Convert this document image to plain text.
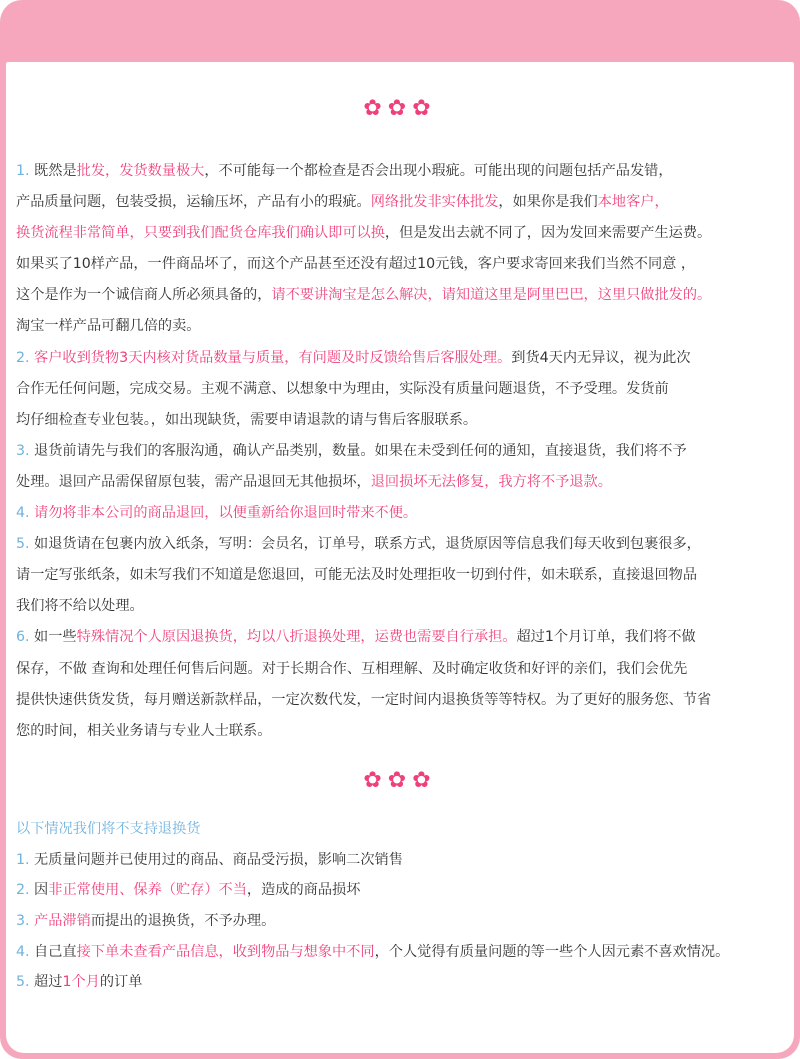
✿✿✿
1. 既然是批发，发货数量极大，不可能每一个都检查是否会出现小瑕疵。可能出现的问题包括产品发错，
产品质量问题，包装受损，运输压坏，产品有小的瑕疵。网络批发非实体批发，如果你是我们本地客户，
换货流程非常简单，只要到我们配货仓库我们确认即可以换，但是发出去就不同了，因为发回来需要产生运费。
如果买了10样产品，一件商品坏了，而这个产品甚至还没有超过10元钱，客户要求寄回来我们当然不同意 ，
这个是作为一个诚信商人所必须具备的，请不要讲淘宝是怎么解决，请知道这里是阿里巴巴，这里只做批发的。
淘宝一样产品可翻几倍的卖。
2. 客户收到货物3天内核对货品数量与质量，有问题及时反馈给售后客服处理。到货4天内无异议，视为此次
合作无任何问题，完成交易。主观不满意、以想象中为理由，实际没有质量问题退货，不予受理。发货前
均仔细检查专业包装。，如出现缺货，需要申请退款的请与售后客服联系。
3. 退货前请先与我们的客服沟通，确认产品类别，数量。如果在未受到任何的通知，直接退货，我们将不予
处理。退回产品需保留原包装，需产品退回无其他损坏，退回损坏无法修复，我方将不予退款。
4. 请勿将非本公司的商品退回，以便重新给你退回时带来不便。
5. 如退货请在包裹内放入纸条，写明：会员名，订单号，联系方式，退货原因等信息我们每天收到包裹很多，
请一定写张纸条，如未写我们不知道是您退回，可能无法及时处理拒收一切到付件，如未联系，直接退回物品
我们将不给以处理。
6. 如一些特殊情况个人原因退换货，均以八折退换处理，运费也需要自行承担。超过1个月订单，我们将不做
保存，不做 查询和处理任何售后问题。对于长期合作、互相理解、及时确定收货和好评的亲们，我们会优先
提供快速供货发货，每月赠送新款样品，一定次数代发，一定时间内退换货等等特权。为了更好的服务您、节省
您的时间，相关业务请与专业人士联系。
✿✿✿
以下情况我们将不支持退换货
1. 无质量问题并已使用过的商品、商品受污损，影响二次销售
2. 因非正常使用、保养（贮存）不当，造成的商品损坏
3. 产品滞销而提出的退换货，不予办理。
4. 自己直接下单未查看产品信息，收到物品与想象中不同，个人觉得有质量问题的等一些个人因元素不喜欢情况。
5. 超过1个月的订单
